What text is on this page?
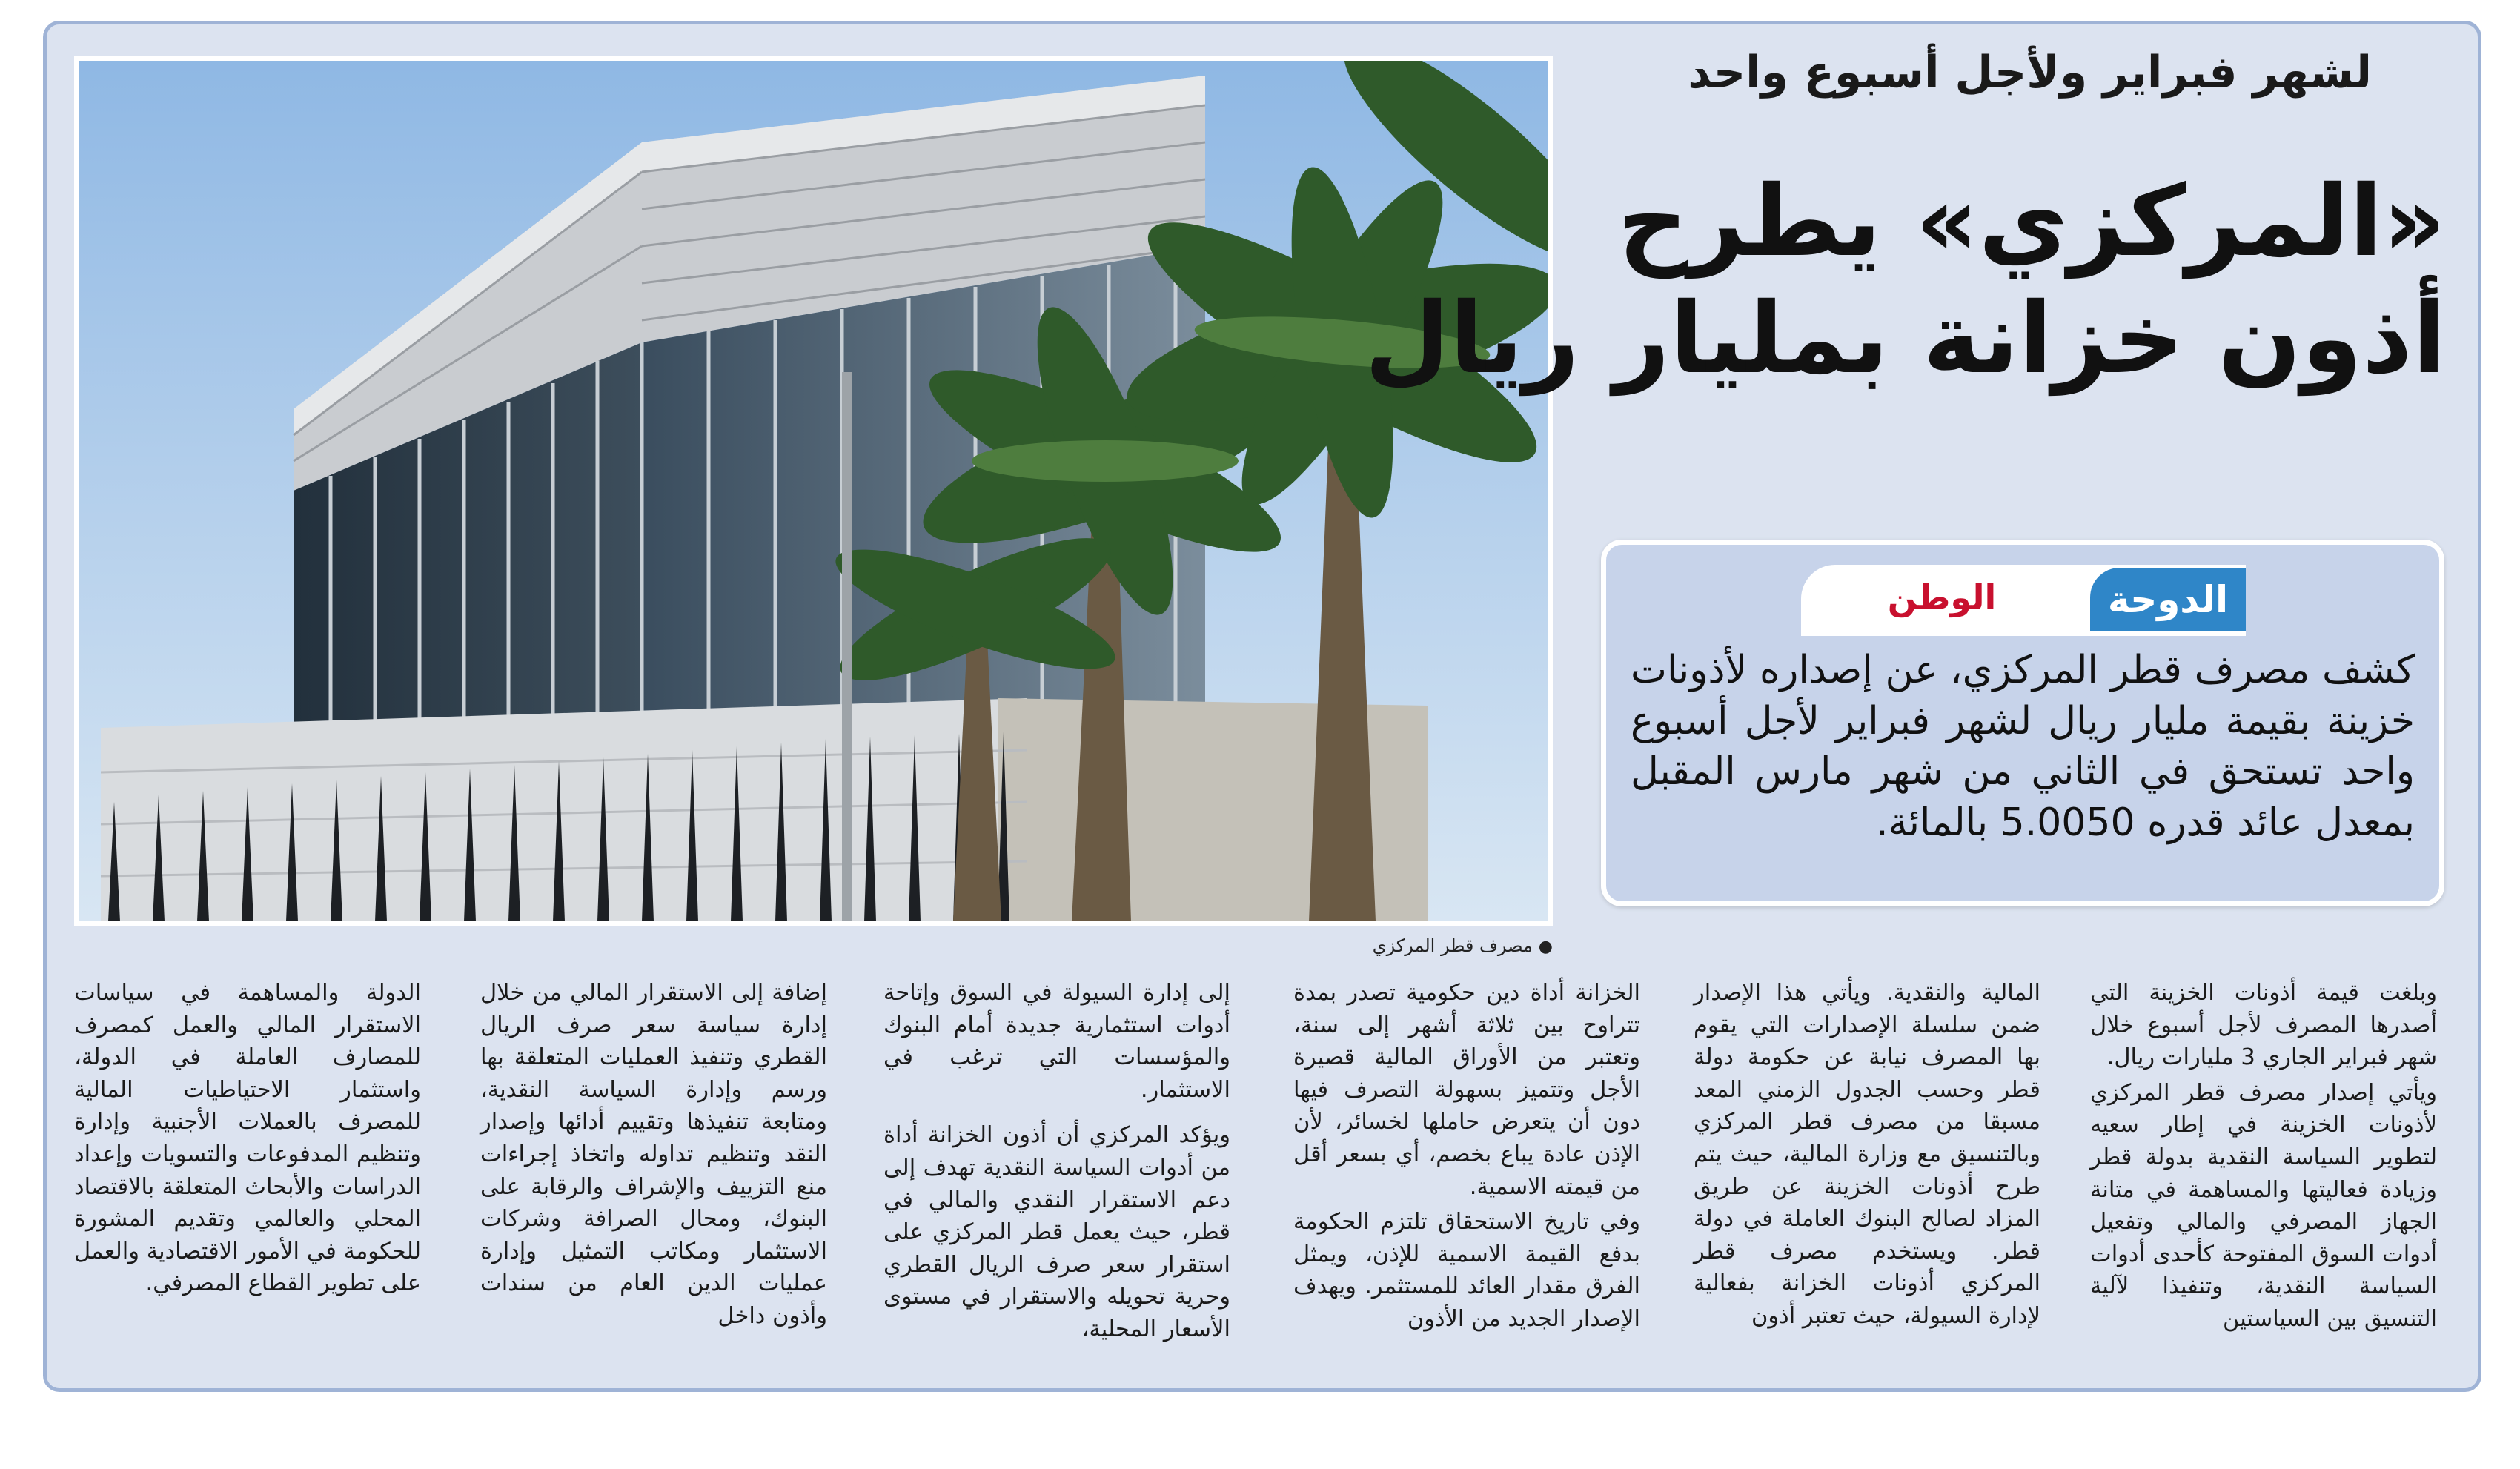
●مصرف قطر المركزي
لشهر فبراير ولأجل أسبوع واحد
«المركزي» يطرح
أذون خزانة بمليار ريال
الوطن	الدوحة
كشف مصرف قطر المركزي، عن إصداره لأذونات خزينة بقيمة مليار ريال لشهر فبراير لأجل أسبوع واحد تستحق في الثاني من شهر مارس المقبل بمعدل عائد قدره 5.0050 بالمائة.

وبلغت قيمة أذونات الخزينة التي أصدرها المصرف لأجل أسبوع خلال شهر فبراير الجاري 3 مليارات ريال.

ويأتي إصدار مصرف قطر المركزي لأذونات الخزينة في إطار سعيه لتطوير السياسة النقدية بدولة قطر وزيادة فعاليتها والمساهمة في متانة الجهاز المصرفي والمالي وتفعيل أدوات السوق المفتوحة كأحدى أدوات السياسة النقدية، وتنفيذا لآلية التنسيق بين السياستين

المالية والنقدية. ويأتي هذا الإصدار ضمن سلسلة الإصدارات التي يقوم بها المصرف نيابة عن حكومة دولة قطر وحسب الجدول الزمني المعد مسبقا من مصرف قطر المركزي وبالتنسيق مع وزارة المالية، حيث يتم طرح أذونات الخزينة عن طريق المزاد لصالح البنوك العاملة في دولة قطر. ويستخدم مصرف قطر المركزي أذونات الخزانة بفعالية لإدارة السيولة، حيث تعتبر أذون

الخزانة أداة دين حكومية تصدر بمدة تتراوح بين ثلاثة أشهر إلى سنة، وتعتبر من الأوراق المالية قصيرة الأجل وتتميز بسهولة التصرف فيها دون أن يتعرض حاملها لخسائر، لأن الإذن عادة يباع بخصم، أي بسعر أقل من قيمته الاسمية.

وفي تاريخ الاستحقاق تلتزم الحكومة بدفع القيمة الاسمية للإذن، ويمثل الفرق مقدار العائد للمستثمر. ويهدف الإصدار الجديد من الأذون

إلى إدارة السيولة في السوق وإتاحة أدوات استثمارية جديدة أمام البنوك والمؤسسات التي ترغب في الاستثمار.

ويؤكد المركزي أن أذون الخزانة أداة من أدوات السياسة النقدية تهدف إلى دعم الاستقرار النقدي والمالي في قطر، حيث يعمل قطر المركزي على استقرار سعر صرف الريال القطري وحرية تحويله والاستقرار في مستوى الأسعار المحلية،

إضافة إلى الاستقرار المالي من خلال إدارة سياسة سعر صرف الريال القطري وتنفيذ العمليات المتعلقة بها ورسم وإدارة السياسة النقدية، ومتابعة تنفيذها وتقييم أدائها وإصدار النقد وتنظيم تداوله واتخاذ إجراءات منع التزييف والإشراف والرقابة على البنوك، ومحال الصرافة وشركات الاستثمار ومكاتب التمثيل وإدارة عمليات الدين العام من سندات وأذون داخل

الدولة والمساهمة في سياسات الاستقرار المالي والعمل كمصرف للمصارف العاملة في الدولة، واستثمار الاحتياطيات المالية للمصرف بالعملات الأجنبية وإدارة وتنظيم المدفوعات والتسويات وإعداد الدراسات والأبحاث المتعلقة بالاقتصاد المحلي والعالمي وتقديم المشورة للحكومة في الأمور الاقتصادية والعمل على تطوير القطاع المصرفي.
